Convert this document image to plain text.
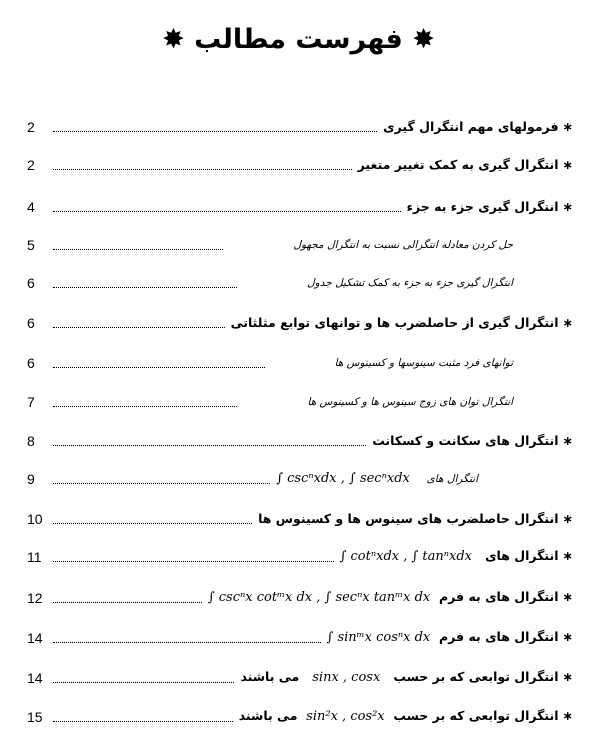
✸ فهرست مطالب ✸
2	∗فرمولهای مهم انتگرال گیری
2	∗انتگرال گیری به کمک تغییر متغیر
4	∗انتگرال گیری جزء به جزء
5	حل کردن معادله انتگرالی نسبت به انتگرال مجهول
6	انتگرال گیری جزء به جزء به کمک تشکیل جدول
6	∗انتگرال گیری از حاصلضرب ها و توانهای توابع مثلثاتی
6	توانهای فرد مثبت سینوسها و کسینوس ها
7	انتگرال توان های زوج سینوس ها و کسینوس ها
8	∗انتگرال های سکانت و کسکانت
9	انتگرال های     ∫ cscⁿxdx , ∫ secⁿxdx
10	∗انتگرال حاصلضرب های سینوس ها و کسینوس ها
11	∗انتگرال های   ∫ cotⁿxdx , ∫ tanⁿxdx
12	∗انتگرال های به فرم  ∫ cscⁿx cotᵐx dx , ∫ secⁿx tanᵐx dx
14	∗انتگرال های به فرم  ∫ sinᵐx cosⁿx dx
14	∗انتگرال توابعی که بر حسب   sinx , cosx   می باشند
15	∗انتگرال توابعی که بر حسب  sin²x , cos²x  می باشند
